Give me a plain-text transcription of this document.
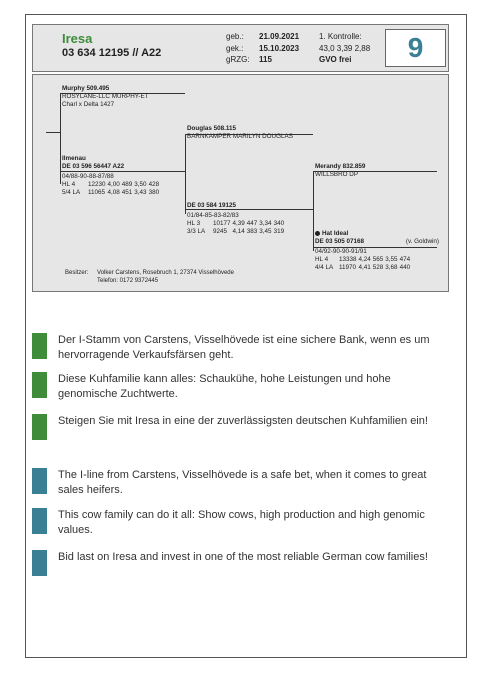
Iresa
03 634 12195 // A22
geb.:	21.09.2021
gek.:	15.10.2023
gRZG:	115
1. Kontrolle:
43,0 3,39 2,88
GVO frei	9
Murphy 509.495
ROSYLANE-LLC MURPHY-ET
Charl x Delta 1427
Ilmenau
DE 03 596 56447 A22
04/88-90-88-87/88
HL 4	12230	4,00	489	3,50	428
5/4 LA	11065	4,08	451	3,43	380
Douglas 508.115
BARNKAMPER MARILYN DOUGLAS
DE 03 584 19125
01/84-85-83-82/83
HL 3	10177	4,39	447	3,34	340
3/3 LA	9245	4,14	383	3,45	319
Merandy 832.859
WILLSBRO DP
Hat Ideal
DE 03 505 07168	(v. Goldwin)
04/92-90-90-91/91
HL 4	13338	4,24	565	3,55	474
4/4 LA	11970	4,41	528	3,68	440
Besitzer: Volker Carstens, Rosebruch 1, 27374 Visselhövede
Telefon: 0172 9372445
Der I-Stamm von Carstens, Visselhövede ist eine sichere Bank, wenn es um hervorragende Verkaufsfärsen geht.
Diese Kuhfamilie kann alles: Schaukühe, hohe Leistungen und hohe genomische Zuchtwerte.
Steigen Sie mit Iresa in eine der zuverlässigsten deutschen Kuhfamilien ein!
The I-line from Carstens, Visselhövede is a safe bet, when it comes to great sales heifers.
This cow family can do it all: Show cows, high production and high genomic values.
Bid last on Iresa and invest in one of the most reliable German cow families!
